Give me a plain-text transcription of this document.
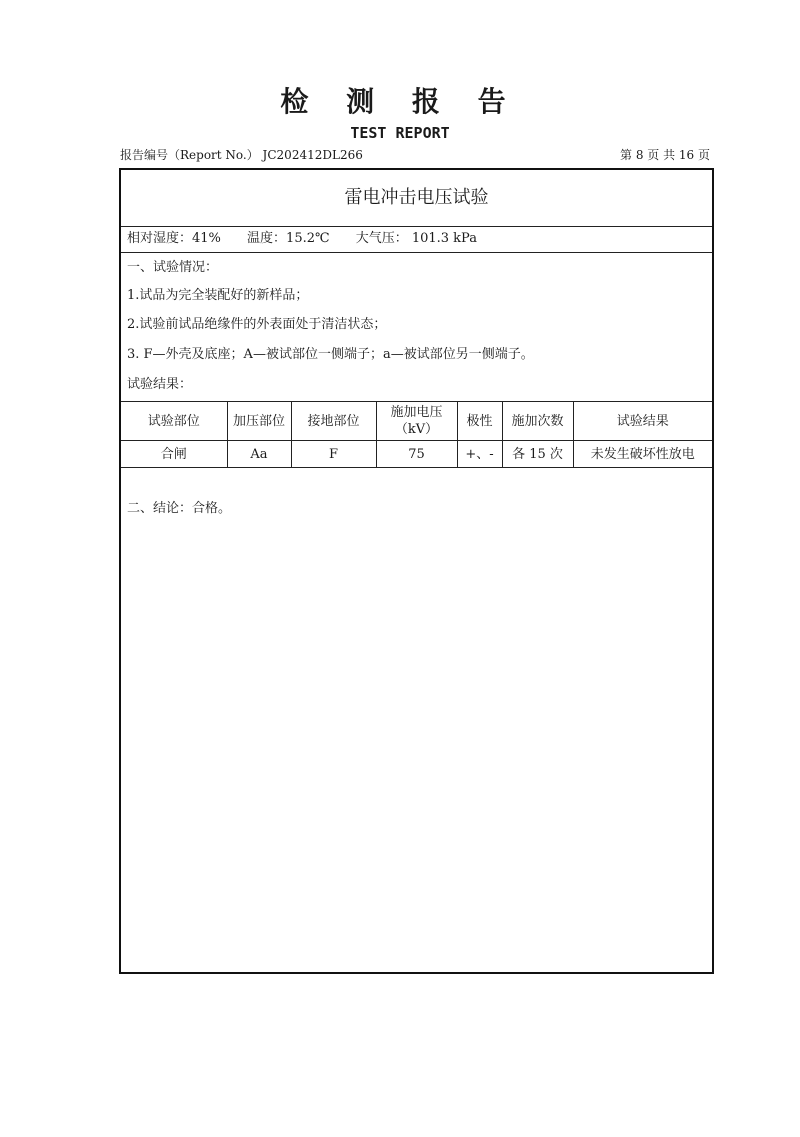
检 测 报 告
TEST REPORT
报告编号（Report No.） JC202412DL266	第 8 页 共 16 页
雷电冲击电压试验
相对湿度：41% 温度：15.2℃ 大气压： 101.3 kPa
一、试验情况：
1.试品为完全装配好的新样品；
2.试验前试品绝缘件的外表面处于清洁状态；
3. F—外壳及底座；A—被试部位一侧端子；a—被试部位另一侧端子。
试验结果：
试验部位	加压部位	接地部位	施加电压（kV）	极性	施加次数	试验结果
合闸	Aa	F	75	+、-	各 15 次	未发生破坏性放电
二、结论：合格。
